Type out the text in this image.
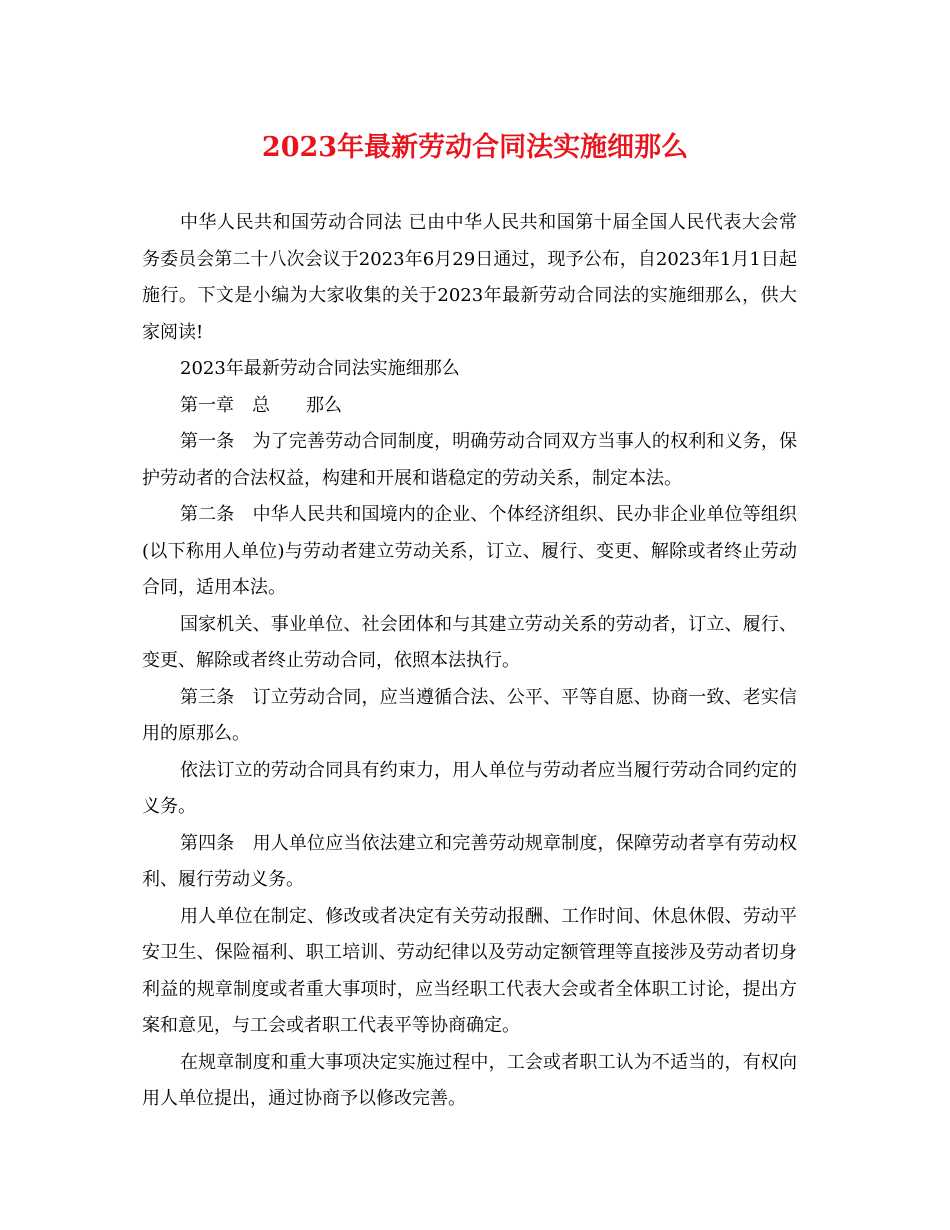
2023年最新劳动合同法实施细那么

中华人民共和国劳动合同法 已由中华人民共和国第十届全国人民代表大会常务委员会第二十八次会议于2023年6月29日通过，现予公布，自2023年1月1日起施行。下文是小编为大家收集的关于2023年最新劳动合同法的实施细那么，供大家阅读!

2023年最新劳动合同法实施细那么

第一章　总　　那么

第一条　为了完善劳动合同制度，明确劳动合同双方当事人的权利和义务，保护劳动者的合法权益，构建和开展和谐稳定的劳动关系，制定本法。

第二条　中华人民共和国境内的企业、个体经济组织、民办非企业单位等组织(以下称用人单位)与劳动者建立劳动关系，订立、履行、变更、解除或者终止劳动合同，适用本法。

国家机关、事业单位、社会团体和与其建立劳动关系的劳动者，订立、履行、变更、解除或者终止劳动合同，依照本法执行。

第三条　订立劳动合同，应当遵循合法、公平、平等自愿、协商一致、老实信用的原那么。

依法订立的劳动合同具有约束力，用人单位与劳动者应当履行劳动合同约定的义务。

第四条　用人单位应当依法建立和完善劳动规章制度，保障劳动者享有劳动权利、履行劳动义务。

用人单位在制定、修改或者决定有关劳动报酬、工作时间、休息休假、劳动平安卫生、保险福利、职工培训、劳动纪律以及劳动定额管理等直接涉及劳动者切身利益的规章制度或者重大事项时，应当经职工代表大会或者全体职工讨论，提出方案和意见，与工会或者职工代表平等协商确定。

在规章制度和重大事项决定实施过程中，工会或者职工认为不适当的，有权向用人单位提出，通过协商予以修改完善。
